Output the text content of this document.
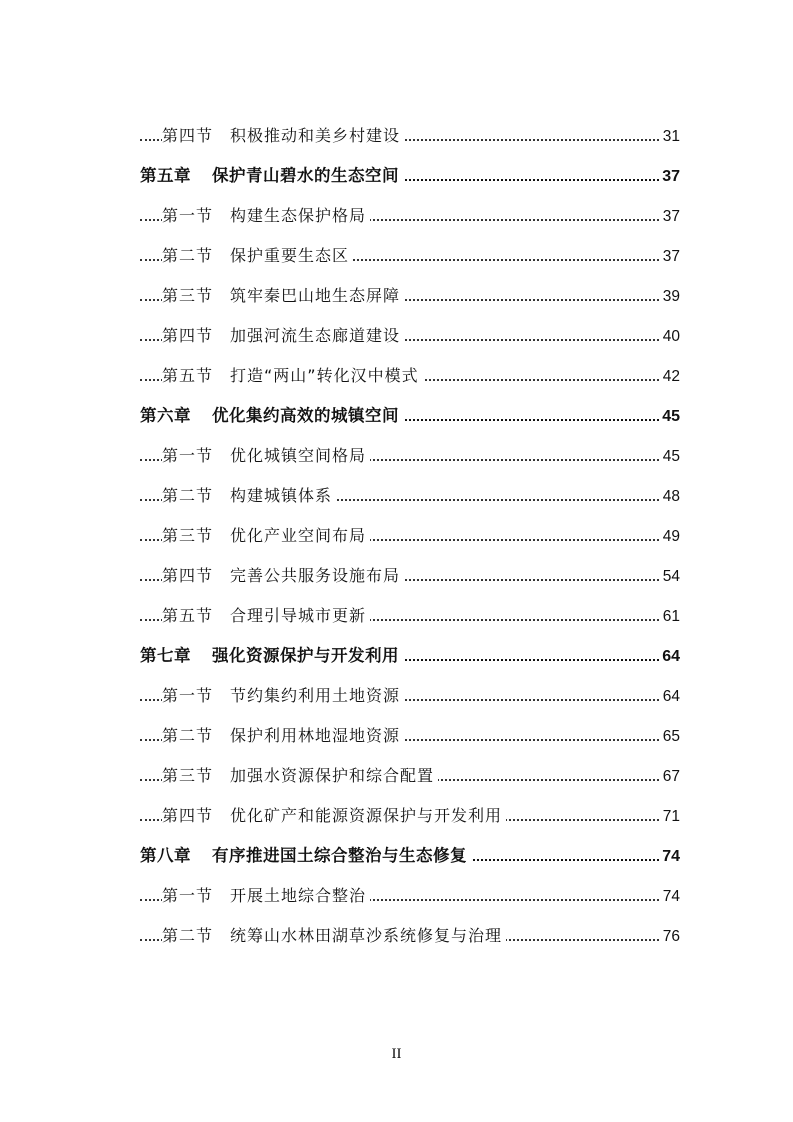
第四节	积极推动和美乡村建设	31
第五章	保护青山碧水的生态空间	37
第一节	构建生态保护格局	37
第二节	保护重要生态区	37
第三节	筑牢秦巴山地生态屏障	39
第四节	加强河流生态廊道建设	40
第五节	打造“两山”转化汉中模式	42
第六章	优化集约高效的城镇空间	45
第一节	优化城镇空间格局	45
第二节	构建城镇体系	48
第三节	优化产业空间布局	49
第四节	完善公共服务设施布局	54
第五节	合理引导城市更新	61
第七章	强化资源保护与开发利用	64
第一节	节约集约利用土地资源	64
第二节	保护利用林地湿地资源	65
第三节	加强水资源保护和综合配置	67
第四节	优化矿产和能源资源保护与开发利用	71
第八章	有序推进国土综合整治与生态修复	74
第一节	开展土地综合整治	74
第二节	统筹山水林田湖草沙系统修复与治理	76
II
